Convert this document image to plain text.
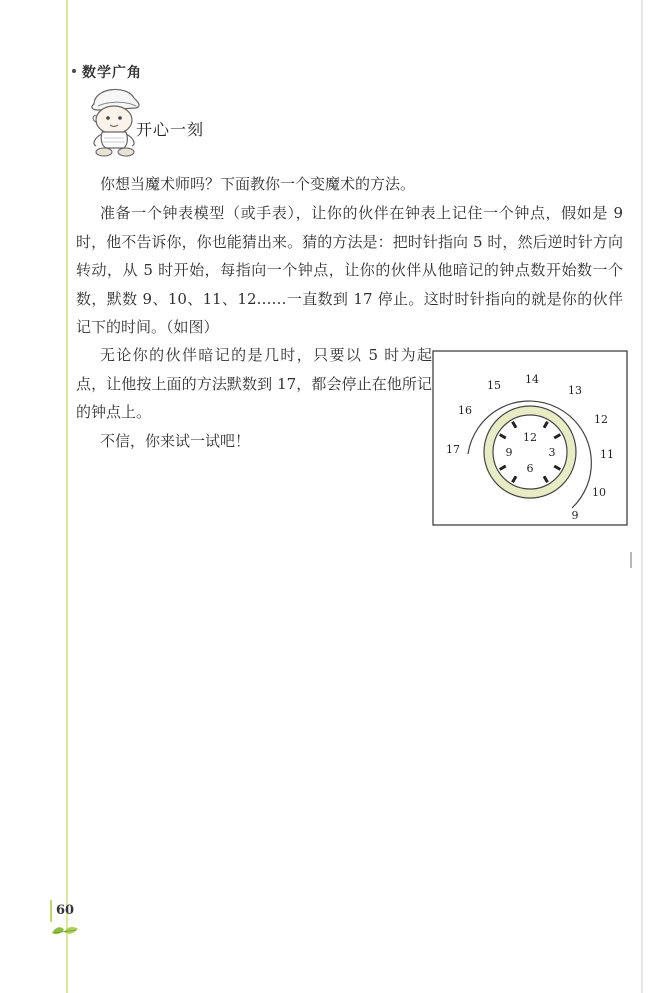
数学广角
开心一刻

你想当魔术师吗？下面教你一个变魔术的方法。

准备一个钟表模型（或手表），让你的伙伴在钟表上记住一个钟点，假如是 9 时，他不告诉你，你也能猜出来。猜的方法是：把时针指向 5 时，然后逆时针方向转动，从 5 时开始，每指向一个钟点，让你的伙伴从他暗记的钟点数开始数一个数，默数 9、10、11、12……一直数到 17 停止。这时时针指向的就是你的伙伴记下的时间。（如图）

无论你的伙伴暗记的是几时，只要以 5 时为起点，让他按上面的方法默数到 17，都会停止在他所记的钟点上。

不信，你来试一试吧！	12
3
6
9
9
10
11
12
13
14
15
16
17
60
